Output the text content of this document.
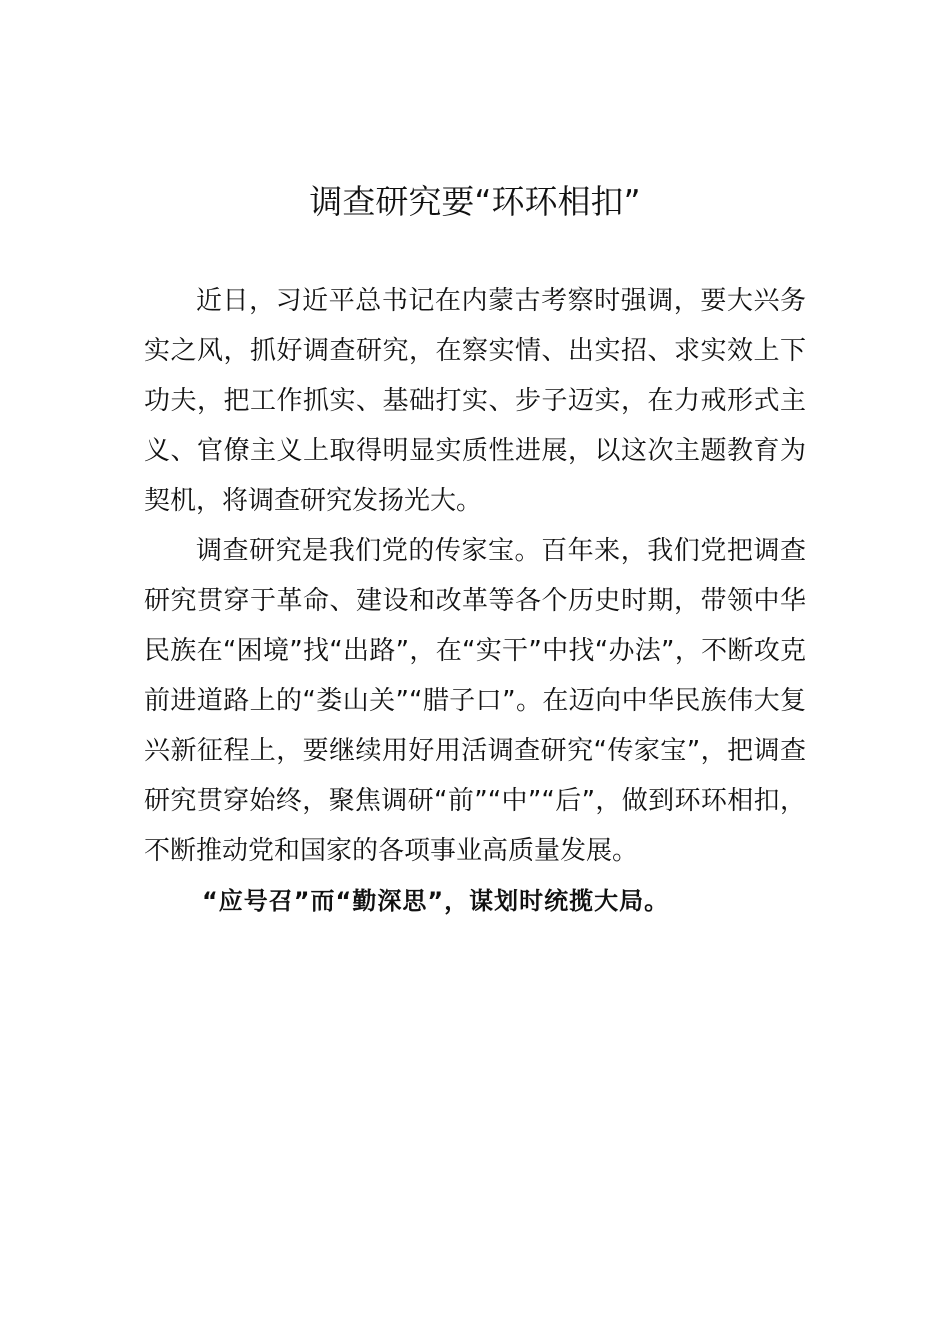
调查研究要“环环相扣”

近日，习近平总书记在内蒙古考察时强调，要大兴务实之风，抓好调查研究，在察实情、出实招、求实效上下功夫，把工作抓实、基础打实、步子迈实，在力戒形式主义、官僚主义上取得明显实质性进展，以这次主题教育为契机，将调查研究发扬光大。

调查研究是我们党的传家宝。百年来，我们党把调查研究贯穿于革命、建设和改革等各个历史时期，带领中华民族在“困境”找“出路”，在“实干”中找“办法”，不断攻克前进道路上的“娄山关”“腊子口”。在迈向中华民族伟大复兴新征程上，要继续用好用活调查研究“传家宝”，把调查研究贯穿始终，聚焦调研“前”“中”“后”，做到环环相扣，不断推动党和国家的各项事业高质量发展。

“应号召”而“勤深思”，谋划时统揽大局。
